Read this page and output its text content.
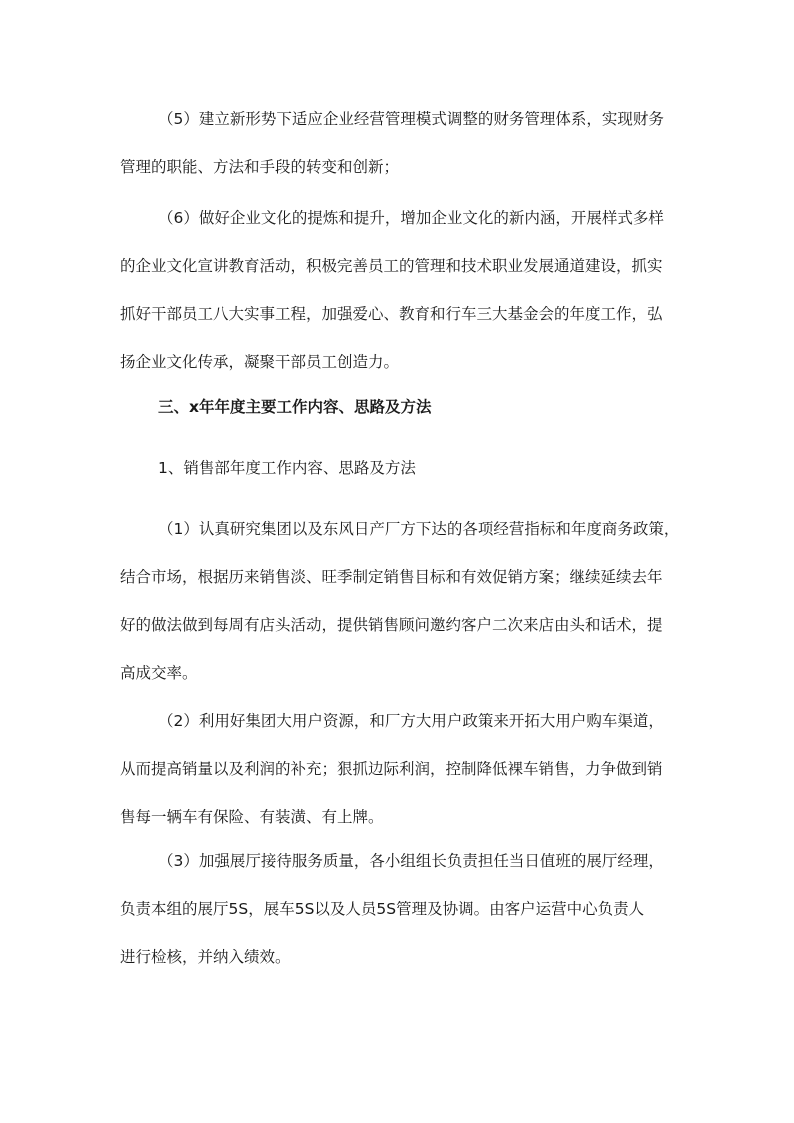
（5）建立新形势下适应企业经营管理模式调整的财务管理体系，实现财务
管理的职能、方法和手段的转变和创新；

（6）做好企业文化的提炼和提升，增加企业文化的新内涵，开展样式多样
的企业文化宣讲教育活动，积极完善员工的管理和技术职业发展通道建设，抓实
抓好干部员工八大实事工程，加强爱心、教育和行车三大基金会的年度工作，弘
扬企业文化传承，凝聚干部员工创造力。

三、x年年度主要工作内容、思路及方法

1、销售部年度工作内容、思路及方法

（1）认真研究集团以及东风日产厂方下达的各项经营指标和年度商务政策，
结合市场，根据历来销售淡、旺季制定销售目标和有效促销方案；继续延续去年
好的做法做到每周有店头活动，提供销售顾问邀约客户二次来店由头和话术，提
高成交率。

（2）利用好集团大用户资源，和厂方大用户政策来开拓大用户购车渠道，
从而提高销量以及利润的补充；狠抓边际利润，控制降低裸车销售，力争做到销
售每一辆车有保险、有装潢、有上牌。

（3）加强展厅接待服务质量，各小组组长负责担任当日值班的展厅经理，
负责本组的展厅5S，展车5S以及人员5S管理及协调。由客户运营中心负责人
进行检核，并纳入绩效。
